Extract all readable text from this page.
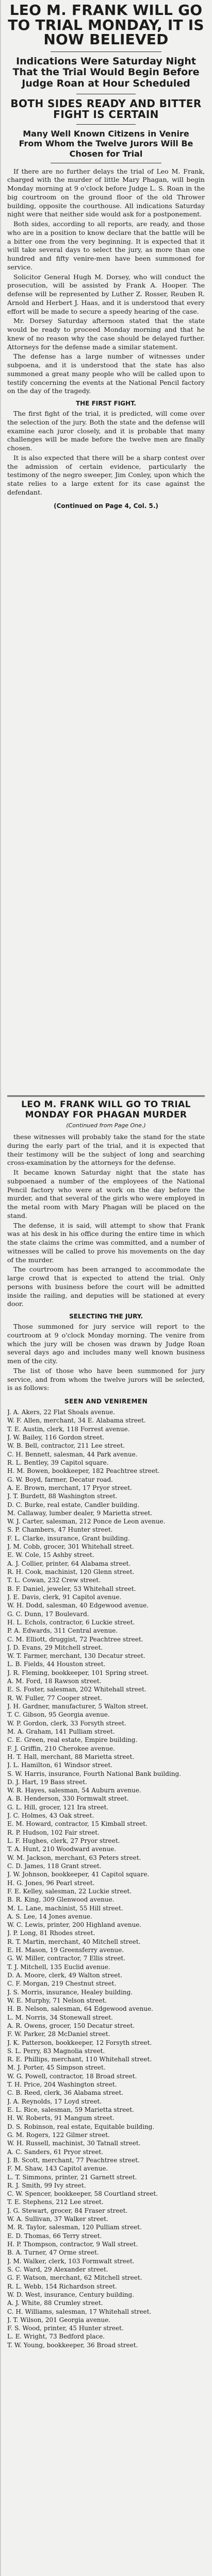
LEO M. FRANK WILL GO TO TRIAL MONDAY, IT IS NOW BELIEVED

Indications Were Saturday Night That the Trial Would Begin Before Judge Roan at Hour Scheduled

BOTH SIDES READY AND BITTER FIGHT IS CERTAIN

Many Well Known Citizens in Venire From Whom the Twelve Jurors Will Be Chosen for Trial

If there are no further delays the trial of Leo M. Frank, charged with the murder of little Mary Phagan, will begin Monday morning at 9 o'clock before Judge L. S. Roan in the big courtroom on the ground floor of the old Thrower building, opposite the courthouse. All indications Saturday night were that neither side would ask for a postponement.

Both sides, according to all reports, are ready, and those who are in a position to know declare that the battle will be a bitter one from the very beginning. It is expected that it will take several days to select the jury, as more than one hundred and fifty venire-men have been summoned for service.

Solicitor General Hugh M. Dorsey, who will conduct the prosecution, will be assisted by Frank A. Hooper. The defense will be represented by Luther Z. Rosser, Reuben R. Arnold and Herbert J. Haas, and it is understood that every effort will be made to secure a speedy hearing of the case.

Mr. Dorsey Saturday afternoon stated that the state would be ready to proceed Monday morning and that he knew of no reason why the case should be delayed further. Attorneys for the defense made a similar statement.

The defense has a large number of witnesses under subpoena, and it is understood that the state has also summoned a great many people who will be called upon to testify concerning the events at the National Pencil factory on the day of the tragedy.

THE FIRST FIGHT.

The first fight of the trial, it is predicted, will come over the selection of the jury. Both the state and the defense will examine each juror closely, and it is probable that many challenges will be made before the twelve men are finally chosen.

It is also expected that there will be a sharp contest over the admission of certain evidence, particularly the testimony of the negro sweeper, Jim Conley, upon which the state relies to a large extent for its case against the defendant.

(Continued on Page 4, Col. 5.)
LEO M. FRANK WILL GO TO TRIAL MONDAY FOR PHAGAN MURDER
(Continued from Page One.)

these witnesses will probably take the stand for the state during the early part of the trial, and it is expected that their testimony will be the subject of long and searching cross-examination by the attorneys for the defense.

It became known Saturday night that the state has subpoenaed a number of the employees of the National Pencil factory who were at work on the day before the murder, and that several of the girls who were employed in the metal room with Mary Phagan will be placed on the stand.

The defense, it is said, will attempt to show that Frank was at his desk in his office during the entire time in which the state claims the crime was committed, and a number of witnesses will be called to prove his movements on the day of the murder.

The courtroom has been arranged to accommodate the large crowd that is expected to attend the trial. Only persons with business before the court will be admitted inside the railing, and deputies will be stationed at every door.

SELECTING THE JURY.

Those summoned for jury service will report to the courtroom at 9 o'clock Monday morning. The venire from which the jury will be chosen was drawn by Judge Roan several days ago and includes many well known business men of the city.

The list of those who have been summoned for jury service, and from whom the twelve jurors will be selected, is as follows:

SEEN AND VENIREMEN

J. A. Akers, 22 Flat Shoals avenue.

W. F. Allen, merchant, 34 E. Alabama street.

T. E. Austin, clerk, 118 Forrest avenue.

J. W. Bailey, 116 Gordon street.

W. B. Bell, contractor, 211 Lee street.

C. H. Bennett, salesman, 44 Park avenue.

R. L. Bentley, 39 Capitol square.

H. M. Bowen, bookkeeper, 182 Peachtree street.

G. W. Boyd, farmer, Decatur road.

A. E. Brown, merchant, 17 Pryor street.

J. T. Burdett, 88 Washington street.

D. C. Burke, real estate, Candler building.

M. Callaway, lumber dealer, 9 Marietta street.

W. J. Carter, salesman, 212 Ponce de Leon avenue.

S. P. Chambers, 47 Hunter street.

F. L. Clarke, insurance, Grant building.

J. M. Cobb, grocer, 301 Whitehall street.

E. W. Cole, 15 Ashby street.

A. J. Collier, printer, 64 Alabama street.

R. H. Cook, machinist, 120 Glenn street.

T. L. Cowan, 232 Crew street.

B. F. Daniel, jeweler, 53 Whitehall street.

J. E. Davis, clerk, 91 Capitol avenue.

W. H. Dodd, salesman, 40 Edgewood avenue.

G. C. Dunn, 17 Boulevard.

H. L. Echols, contractor, 6 Luckie street.

P. A. Edwards, 311 Central avenue.

C. M. Elliott, druggist, 72 Peachtree street.

J. D. Evans, 29 Mitchell street.

W. T. Farmer, merchant, 130 Decatur street.

L. B. Fields, 44 Houston street.

J. R. Fleming, bookkeeper, 101 Spring street.

A. M. Ford, 18 Rawson street.

E. S. Foster, salesman, 202 Whitehall street.

R. W. Fuller, 77 Cooper street.

J. H. Gardner, manufacturer, 5 Walton street.

T. C. Gibson, 95 Georgia avenue.

W. P. Gordon, clerk, 33 Forsyth street.

M. A. Graham, 141 Pulliam street.

C. E. Green, real estate, Empire building.

F. J. Griffin, 210 Cherokee avenue.

H. T. Hall, merchant, 88 Marietta street.

J. L. Hamilton, 61 Windsor street.

S. W. Harris, insurance, Fourth National Bank building.

D. J. Hart, 19 Bass street.

W. R. Hayes, salesman, 54 Auburn avenue.

A. B. Henderson, 330 Formwalt street.

G. L. Hill, grocer, 121 Ira street.

J. C. Holmes, 43 Oak street.

E. M. Howard, contractor, 15 Kimball street.

R. P. Hudson, 102 Fair street.

L. F. Hughes, clerk, 27 Pryor street.

T. A. Hunt, 210 Woodward avenue.

W. M. Jackson, merchant, 63 Peters street.

C. D. James, 118 Grant street.

J. W. Johnson, bookkeeper, 41 Capitol square.

H. G. Jones, 96 Pearl street.

F. E. Kelley, salesman, 22 Luckie street.

B. R. King, 309 Glenwood avenue.

M. L. Lane, machinist, 55 Hill street.

A. S. Lee, 14 Jones avenue.

W. C. Lewis, printer, 200 Highland avenue.

J. P. Long, 81 Rhodes street.

R. T. Martin, merchant, 40 Mitchell street.

E. H. Mason, 19 Greensferry avenue.

G. W. Miller, contractor, 7 Ellis street.

T. J. Mitchell, 135 Euclid avenue.

D. A. Moore, clerk, 49 Walton street.

C. F. Morgan, 219 Chestnut street.

J. S. Morris, insurance, Healey building.

W. E. Murphy, 71 Nelson street.

H. B. Nelson, salesman, 64 Edgewood avenue.

L. M. Norris, 34 Stonewall street.

A. R. Owens, grocer, 150 Decatur street.

F. W. Parker, 28 McDaniel street.

J. K. Patterson, bookkeeper, 12 Forsyth street.

S. L. Perry, 83 Magnolia street.

R. E. Phillips, merchant, 110 Whitehall street.

M. J. Porter, 45 Simpson street.

W. G. Powell, contractor, 18 Broad street.

T. H. Price, 204 Washington street.

C. B. Reed, clerk, 36 Alabama street.

J. A. Reynolds, 17 Loyd street.

E. L. Rice, salesman, 59 Marietta street.

H. W. Roberts, 91 Mangum street.

D. S. Robinson, real estate, Equitable building.

G. M. Rogers, 122 Gilmer street.

W. H. Russell, machinist, 30 Tatnall street.

A. C. Sanders, 61 Pryor street.

J. B. Scott, merchant, 77 Peachtree street.

F. M. Shaw, 143 Capitol avenue.

L. T. Simmons, printer, 21 Garnett street.

R. J. Smith, 99 Ivy street.

C. W. Spencer, bookkeeper, 58 Courtland street.

T. E. Stephens, 212 Lee street.

J. G. Stewart, grocer, 84 Fraser street.

W. A. Sullivan, 37 Walker street.

M. R. Taylor, salesman, 120 Pulliam street.

E. D. Thomas, 66 Terry street.

H. P. Thompson, contractor, 9 Wall street.

B. A. Turner, 47 Orme street.

J. M. Walker, clerk, 103 Formwalt street.

S. C. Ward, 29 Alexander street.

G. F. Watson, merchant, 62 Mitchell street.

R. L. Webb, 154 Richardson street.

W. D. West, insurance, Century building.

A. J. White, 88 Crumley street.

C. H. Williams, salesman, 17 Whitehall street.

J. T. Wilson, 201 Georgia avenue.

F. S. Wood, printer, 45 Hunter street.

L. E. Wright, 73 Bedford place.

T. W. Young, bookkeeper, 36 Broad street.
